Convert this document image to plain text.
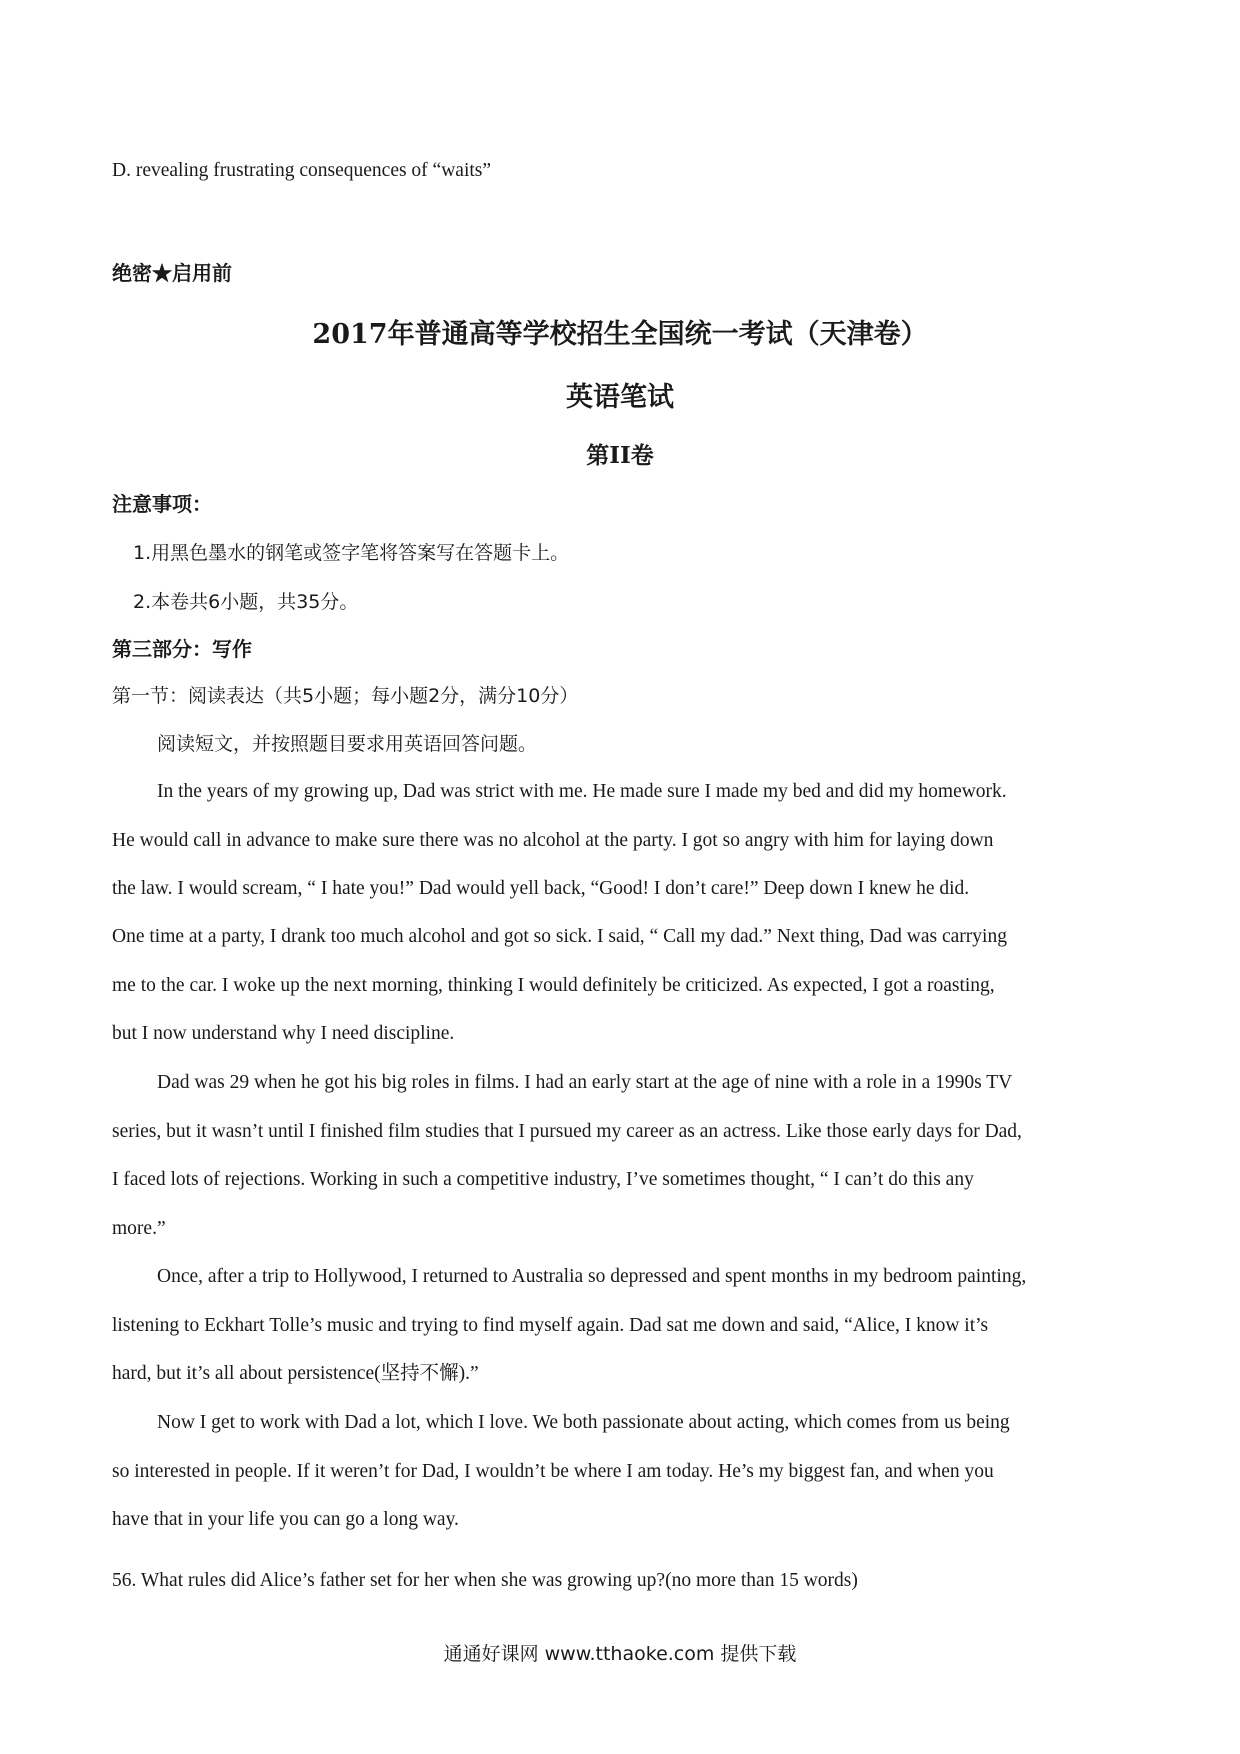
D. revealing frustrating consequences of “waits”
绝密★启用前
2017年普通高等学校招生全国统一考试（天津卷）
英语笔试
第II卷
注意事项：
1.用黑色墨水的钢笔或签字笔将答案写在答题卡上。
2.本卷共6小题，共35分。
第三部分：写作
第一节：阅读表达（共5小题；每小题2分，满分10分）
阅读短文，并按照题目要求用英语回答问题。
In the years of my growing up, Dad was strict with me. He made sure I made my bed and did my homework.
He would call in advance to make sure there was no alcohol at the party. I got so angry with him for laying down
the law. I would scream, “ I hate you!” Dad would yell back, “Good! I don’t care!” Deep down I knew he did.
One time at a party, I drank too much alcohol and got so sick. I said, “ Call my dad.” Next thing, Dad was carrying
me to the car. I woke up the next morning, thinking I would definitely be criticized. As expected, I got a roasting,
but I now understand why I need discipline.
Dad was 29 when he got his big roles in films. I had an early start at the age of nine with a role in a 1990s TV
series, but it wasn’t until I finished film studies that I pursued my career as an actress. Like those early days for Dad,
I faced lots of rejections. Working in such a competitive industry, I’ve sometimes thought, “ I can’t do this any
more.”
Once, after a trip to Hollywood, I returned to Australia so depressed and spent months in my bedroom painting,
listening to Eckhart Tolle’s music and trying to find myself again. Dad sat me down and said, “Alice, I know it’s
hard, but it’s all about persistence(坚持不懈).”
Now I get to work with Dad a lot, which I love. We both passionate about acting, which comes from us being
so interested in people. If it weren’t for Dad, I wouldn’t be where I am today. He’s my biggest fan, and when you
have that in your life you can go a long way.
56. What rules did Alice’s father set for her when she was growing up?(no more than 15 words)
通通好课网 www.tthaoke.com 提供下载
